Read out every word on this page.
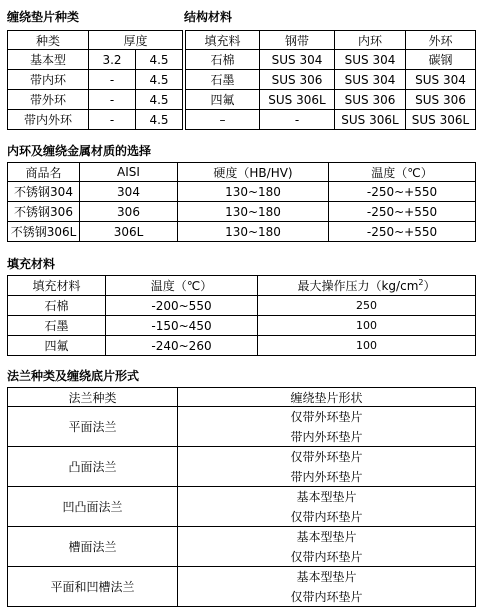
缠绕垫片种类	结构材料
种类	厚度	
基本型	3.2	4.5
带内环	-	4.5
带外环	-	4.5
带内外环	-	4.5
填充料	钢带	内环	外环
石棉	SUS 304	SUS 304	碳钢
石墨	SUS 306	SUS 304	SUS 304
四氟	SUS 306L	SUS 306	SUS 306
–	-	SUS 306L	SUS 306L
内环及缠绕金属材质的选择
商品名	AISI	硬度（HB/HV)	温度（℃）
不锈钢304	304	130~180	-250~+550
不锈钢306	306	130~180	-250~+550
不锈钢306L	306L	130~180	-250~+550
填充材料
填充材料	温度（℃）	最大操作压力$(kg/cm^2)$
石棉	-200~550	250
石墨	-150~450	100
四氟	-240~260	100
法兰种类及缠绕底片形式
法兰种类	缠绕垫片形状
平面法兰	仅带外环垫片
	带内外环垫片
凸面法兰	仅带外环垫片
	带内外环垫片
凹凸面法兰	基本型垫片
	仅带内环垫片
槽面法兰	基本型垫片
	仅带内环垫片
平面和凹槽法兰	基本型垫片
	仅带内环垫片
